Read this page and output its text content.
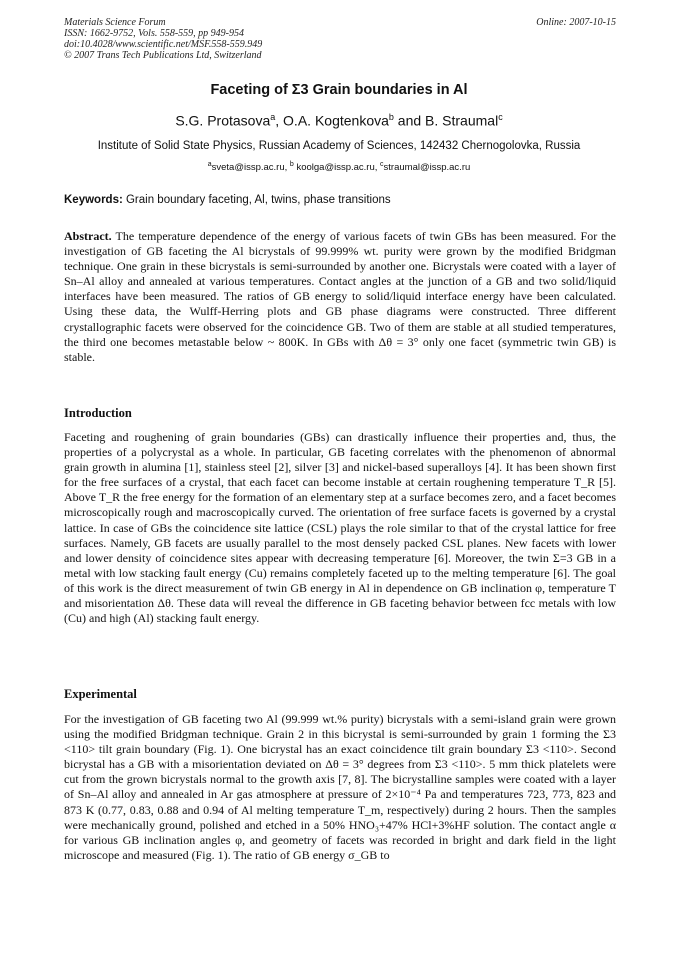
Materials Science Forum
ISSN: 1662-9752, Vols. 558-559, pp 949-954
doi:10.4028/www.scientific.net/MSF.558-559.949
© 2007 Trans Tech Publications Ltd, Switzerland
Online: 2007-10-15
Faceting of Σ3 Grain boundaries in Al
S.G. Protasova$^a$, O.A. Kogtenkova$^b$ and B. Straumal$^c$
Institute of Solid State Physics, Russian Academy of Sciences, 142432 Chernogolovka, Russia
$^a$sveta@issp.ac.ru, $^b$ koolga@issp.ac.ru, $^c$straumal@issp.ac.ru
Keywords: Grain boundary faceting, Al, twins, phase transitions

Abstract. The temperature dependence of the energy of various facets of twin GBs has been measured. For the investigation of GB faceting the Al bicrystals of 99.999% wt. purity were grown by the modified Bridgman technique. One grain in these bicrystals is semi-surrounded by another one. Bicrystals were coated with a layer of Sn–Al alloy and annealed at various temperatures. Contact angles at the junction of a GB and two solid/liquid interfaces have been measured. The ratios of GB energy to solid/liquid interface energy have been calculated. Using these data, the Wulff-Herring plots and GB phase diagrams were constructed. Three different crystallographic facets were observed for the coincidence GB. Two of them are stable at all studied temperatures, the third one becomes metastable below ~ 800K. In GBs with Δθ = 3° only one facet (symmetric twin GB) is stable.

Introduction

Faceting and roughening of grain boundaries (GBs) can drastically influence their properties and, thus, the properties of a polycrystal as a whole. In particular, GB faceting correlates with the phenomenon of abnormal grain growth in alumina [1], stainless steel [2], silver [3] and nickel-based superalloys [4]. It has been shown first for the free surfaces of a crystal, that each facet can become instable at certain roughening temperature T_R [5]. Above T_R the free energy for the formation of an elementary step at a surface becomes zero, and a facet becomes microscopically rough and macroscopically curved. The orientation of free surface facets is governed by a crystal lattice. In case of GBs the coincidence site lattice (CSL) plays the role similar to that of the crystal lattice for free surfaces. Namely, GB facets are usually parallel to the most densely packed CSL planes. New facets with lower and lower density of coincidence sites appear with decreasing temperature [6]. Moreover, the twin Σ=3 GB in a metal with low stacking fault energy (Cu) remains completely faceted up to the melting temperature [6]. The goal of this work is the direct measurement of twin GB energy in Al in dependence on GB inclination φ, temperature T and misorientation Δθ. These data will reveal the difference in GB faceting behavior between fcc metals with low (Cu) and high (Al) stacking fault energy.

Experimental

For the investigation of GB faceting two Al (99.999 wt.% purity) bicrystals with a semi-island grain were grown using the modified Bridgman technique. Grain 2 in this bicrystal is semi-surrounded by grain 1 forming the Σ3 <110> tilt grain boundary (Fig. 1). One bicrystal has an exact coincidence tilt grain boundary Σ3 <110>. Second bicrystal has a GB with a misorientation deviated on Δθ = 3° degrees from Σ3 <110>. 5 mm thick platelets were cut from the grown bicrystals normal to the growth axis [7, 8]. The bicrystalline samples were coated with a layer of Sn–Al alloy and annealed in Ar gas atmosphere at pressure of 2×10⁻⁴ Pa and temperatures 723, 773, 823 and 873 K (0.77, 0.83, 0.88 and 0.94 of Al melting temperature T_m, respectively) during 2 hours. Then the samples were mechanically ground, polished and etched in a 50% HNO₃+47% HCl+3%HF solution. The contact angle α for various GB inclination angles φ, and geometry of facets was recorded in bright and dark field in the light microscope and measured (Fig. 1). The ratio of GB energy σ_GB to
